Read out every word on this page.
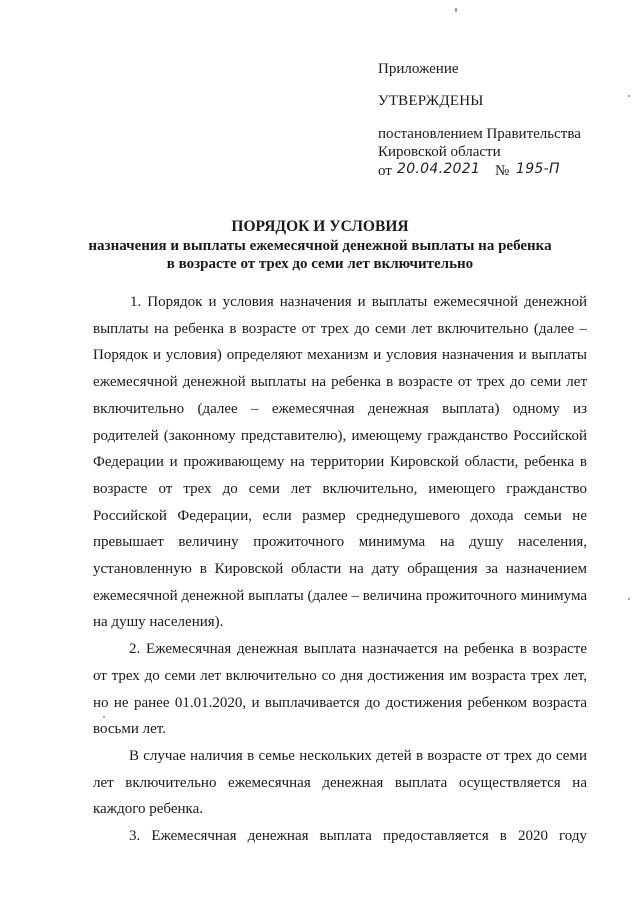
Приложение
УТВЕРЖДЕНЫ
постановлением Правительства
Кировской области
от 20.04.2021 № 195-П
ПОРЯДОК И УСЛОВИЯ
назначения и выплаты ежемесячной денежной выплаты на ребенка
в возрасте от трех до семи лет включительно

1. Порядок и условия назначения и выплаты ежемесячной денежной выплаты на ребенка в возрасте от трех до семи лет включительно (далее – Порядок и условия) определяют механизм и условия назначения и выплаты ежемесячной денежной выплаты на ребенка в возрасте от трех до семи лет включительно (далее – ежемесячная денежная выплата) одному из родителей (законному представителю), имеющему гражданство Российской Федерации и проживающему на территории Кировской области, ребенка в возрасте от трех до семи лет включительно, имеющего гражданство Российской Федерации, если размер среднедушевого дохода семьи не превышает величину прожиточного минимума на душу населения, установленную в Кировской области на дату обращения за назначением ежемесячной денежной выплаты (далее – величина прожиточного минимума на душу населения).

2. Ежемесячная денежная выплата назначается на ребенка в возрасте от трех до семи лет включительно со дня достижения им возраста трех лет, но не ранее 01.01.2020, и выплачивается до достижения ребенком возраста восьми лет.

В случае наличия в семье нескольких детей в возрасте от трех до семи лет включительно ежемесячная денежная выплата осуществляется на каждого ребенка.

3. Ежемесячная денежная выплата предоставляется в 2020 году
